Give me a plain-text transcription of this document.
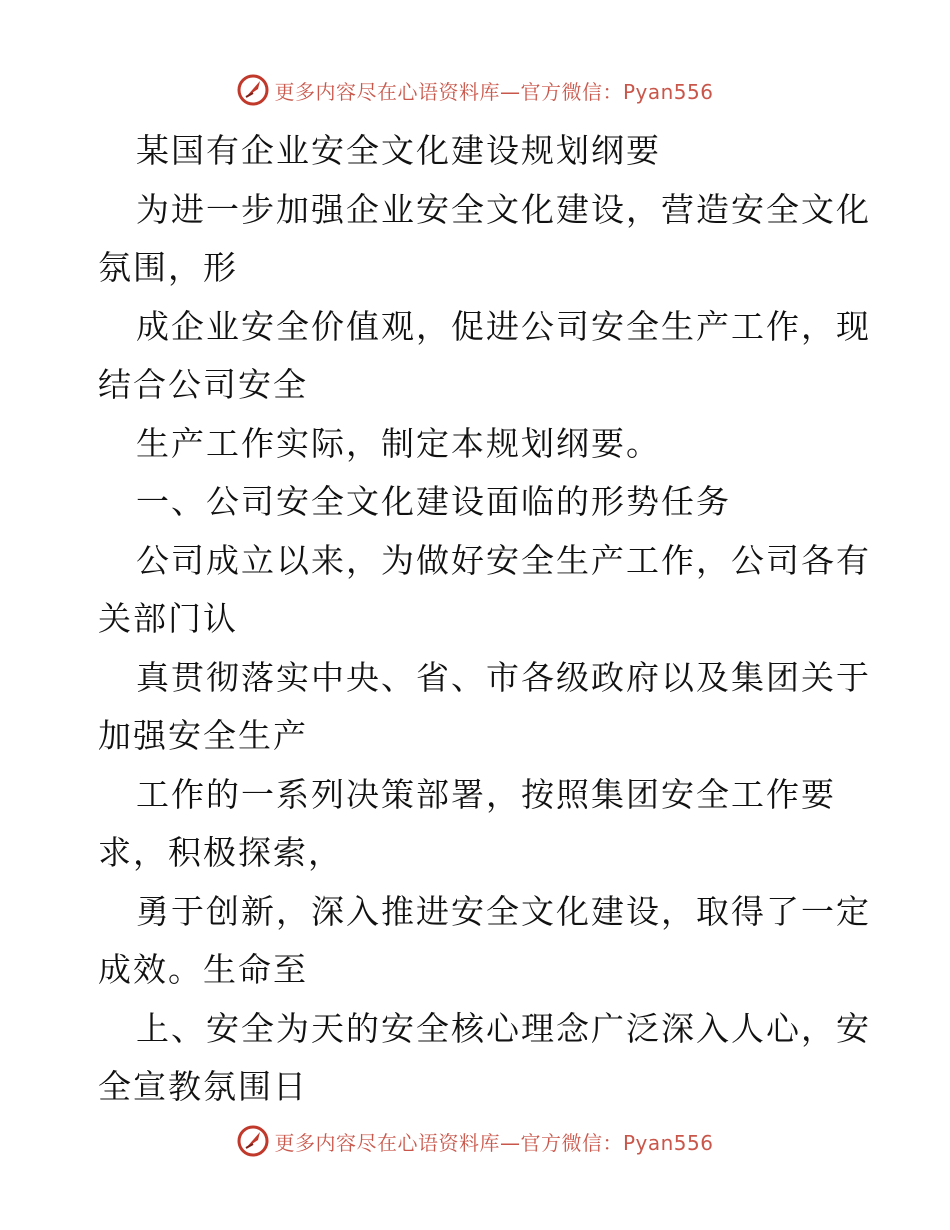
更多内容尽在心语资料库—官方微信：Pyan556
某国有企业安全文化建设规划纲要
为进一步加强企业安全文化建设，营造安全文化
氛围，形
成企业安全价值观，促进公司安全生产工作，现
结合公司安全
生产工作实际，制定本规划纲要。
一、公司安全文化建设面临的形势任务
公司成立以来，为做好安全生产工作，公司各有
关部门认
真贯彻落实中央、省、市各级政府以及集团关于
加强安全生产
工作的一系列决策部署，按照集团安全工作要
求，积极探索，
勇于创新，深入推进安全文化建设，取得了一定
成效。生命至
上、安全为天的安全核心理念广泛深入人心，安
全宣教氛围日
更多内容尽在心语资料库—官方微信：Pyan556
